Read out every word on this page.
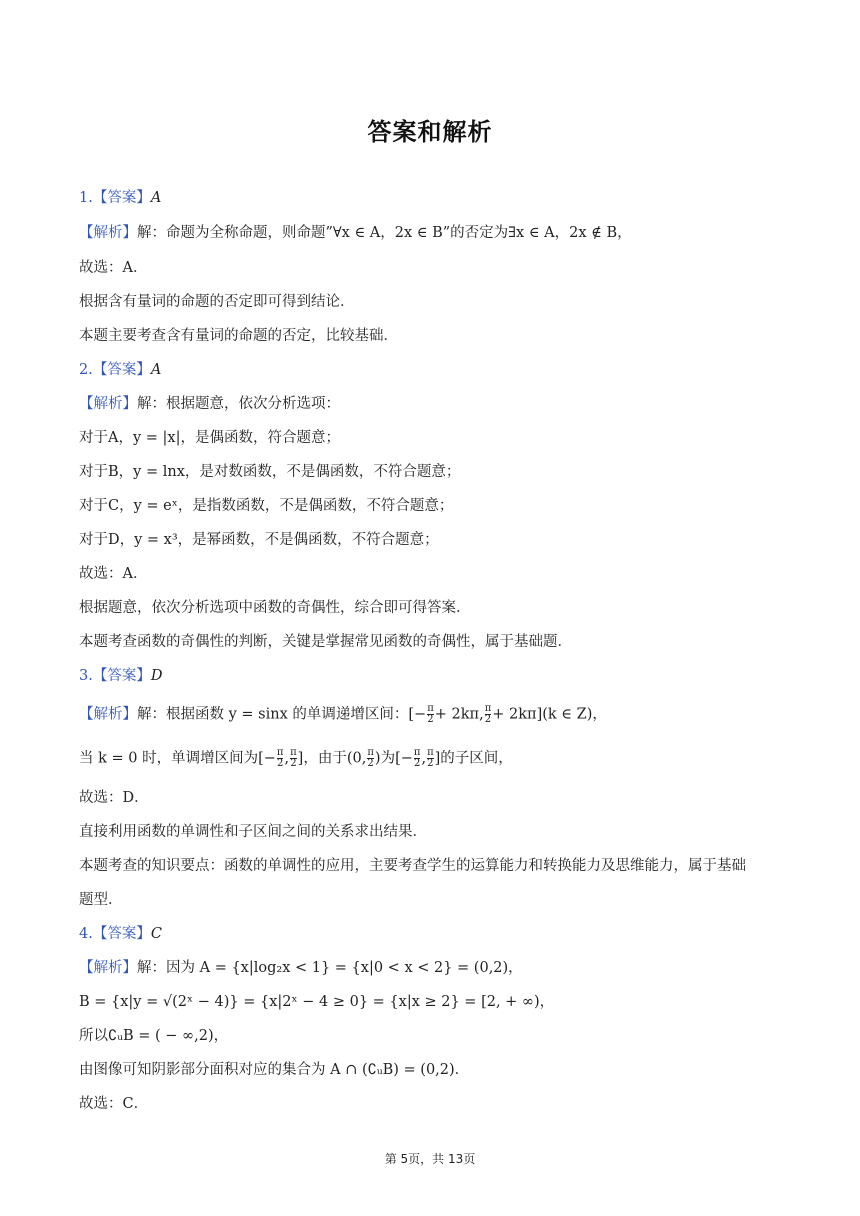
答案和解析
1.【答案】A
【解析】解：命题为全称命题，则命题”∀x ∈ A，2x ∈ B”的否定为∃x ∈ A，2x ∉ B，
故选：A．
根据含有量词的命题的否定即可得到结论．
本题主要考查含有量词的命题的否定，比较基础．
2.【答案】A
【解析】解：根据题意，依次分析选项：
对于A，y = |x|，是偶函数，符合题意；
对于B，y = lnx，是对数函数，不是偶函数，不符合题意；
对于C，y = eˣ，是指数函数，不是偶函数，不符合题意；
对于D，y = x³，是幂函数，不是偶函数，不符合题意；
故选：A．
根据题意，依次分析选项中函数的奇偶性，综合即可得答案．
本题考查函数的奇偶性的判断，关键是掌握常见函数的奇偶性，属于基础题．
3.【答案】D
【解析】解：根据函数 y = sinx 的单调递增区间：[− $\frac{\pi}{2} + 2k\pi$, $\frac{\pi}{2} + 2k\pi](k$ ∈ Z)，
当 k = 0 时，单调增区间为[− $\frac{\pi}{2}$ , $\frac{\pi}{2}$ ]，由于(0, $\frac{\pi}{2}$ )为[− $\frac{\pi}{2}$ , $\frac{\pi}{2}$ ]的子区间，
故选：D．
直接利用函数的单调性和子区间之间的关系求出结果．
本题考查的知识要点：函数的单调性的应用，主要考查学生的运算能力和转换能力及思维能力，属于基础
题型．
4.【答案】C
【解析】解：因为 A = {x|log₂x < 1} = {x|0 < x < 2} = (0,2)，
B = {x|y = √(2ˣ − 4)} = {x|2ˣ − 4 ≥ 0} = {x|x ≥ 2} = [2, + ∞)，
所以∁ᵤB = ( − ∞,2)，
由图像可知阴影部分面积对应的集合为 A ∩ (∁ᵤB) = (0,2)．
故选：C．
第 5页，共 13页
